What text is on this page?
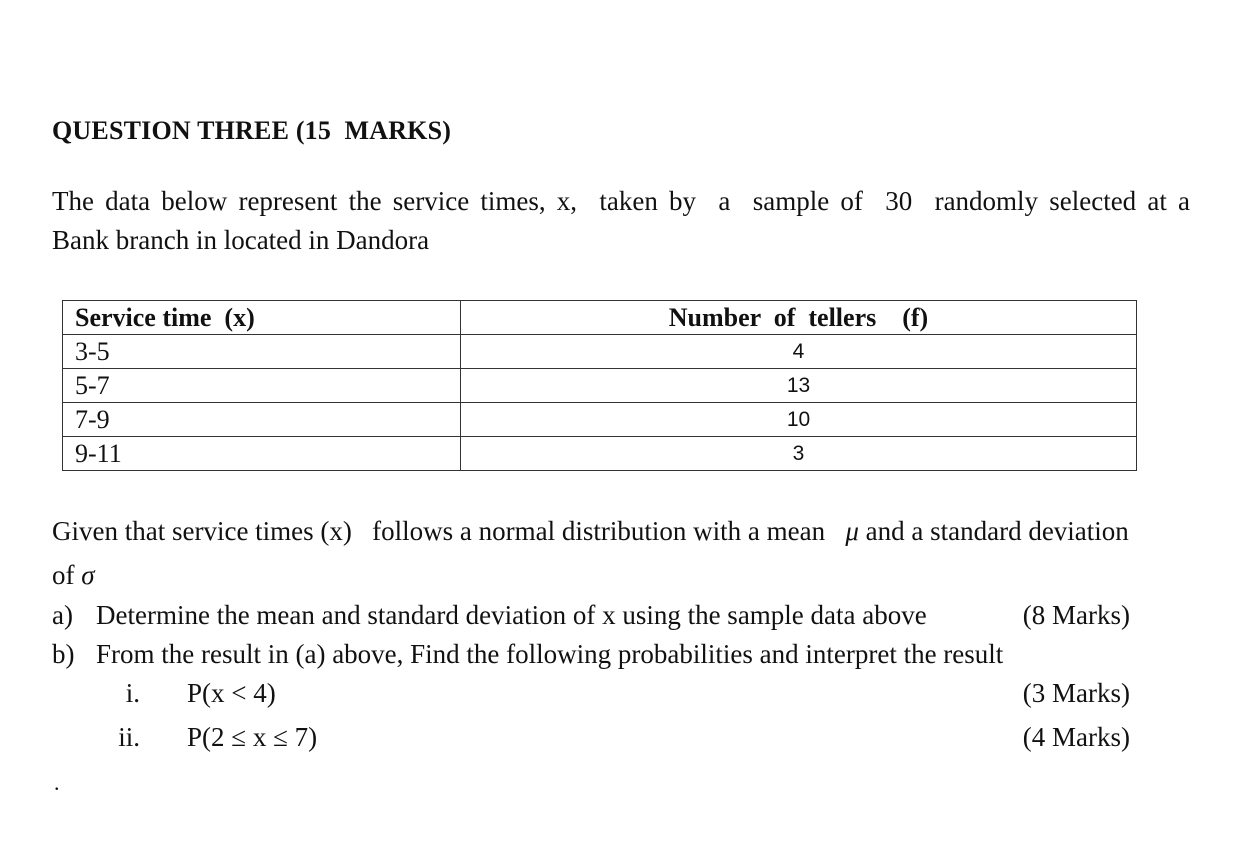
QUESTION THREE (15  MARKS)
The data below represent the service times, x,  taken by  a  sample of  30  randomly selected at a
Bank branch in located in Dandora
Service time  (x)	Number  of  tellers    (f)
3-5	4
5-7	13
7-9	10
9-11	3
Given that service times (x)   follows a normal distribution with a mean   μ and a standard deviation
of σ
a) Determine the mean and standard deviation of x using the sample data above	(8 Marks)
b) From the result in (a) above, Find the following probabilities and interpret the result
i. P(x < 4)	(3 Marks)
ii. P(2 ≤ x ≤ 7)	(4 Marks)
.
